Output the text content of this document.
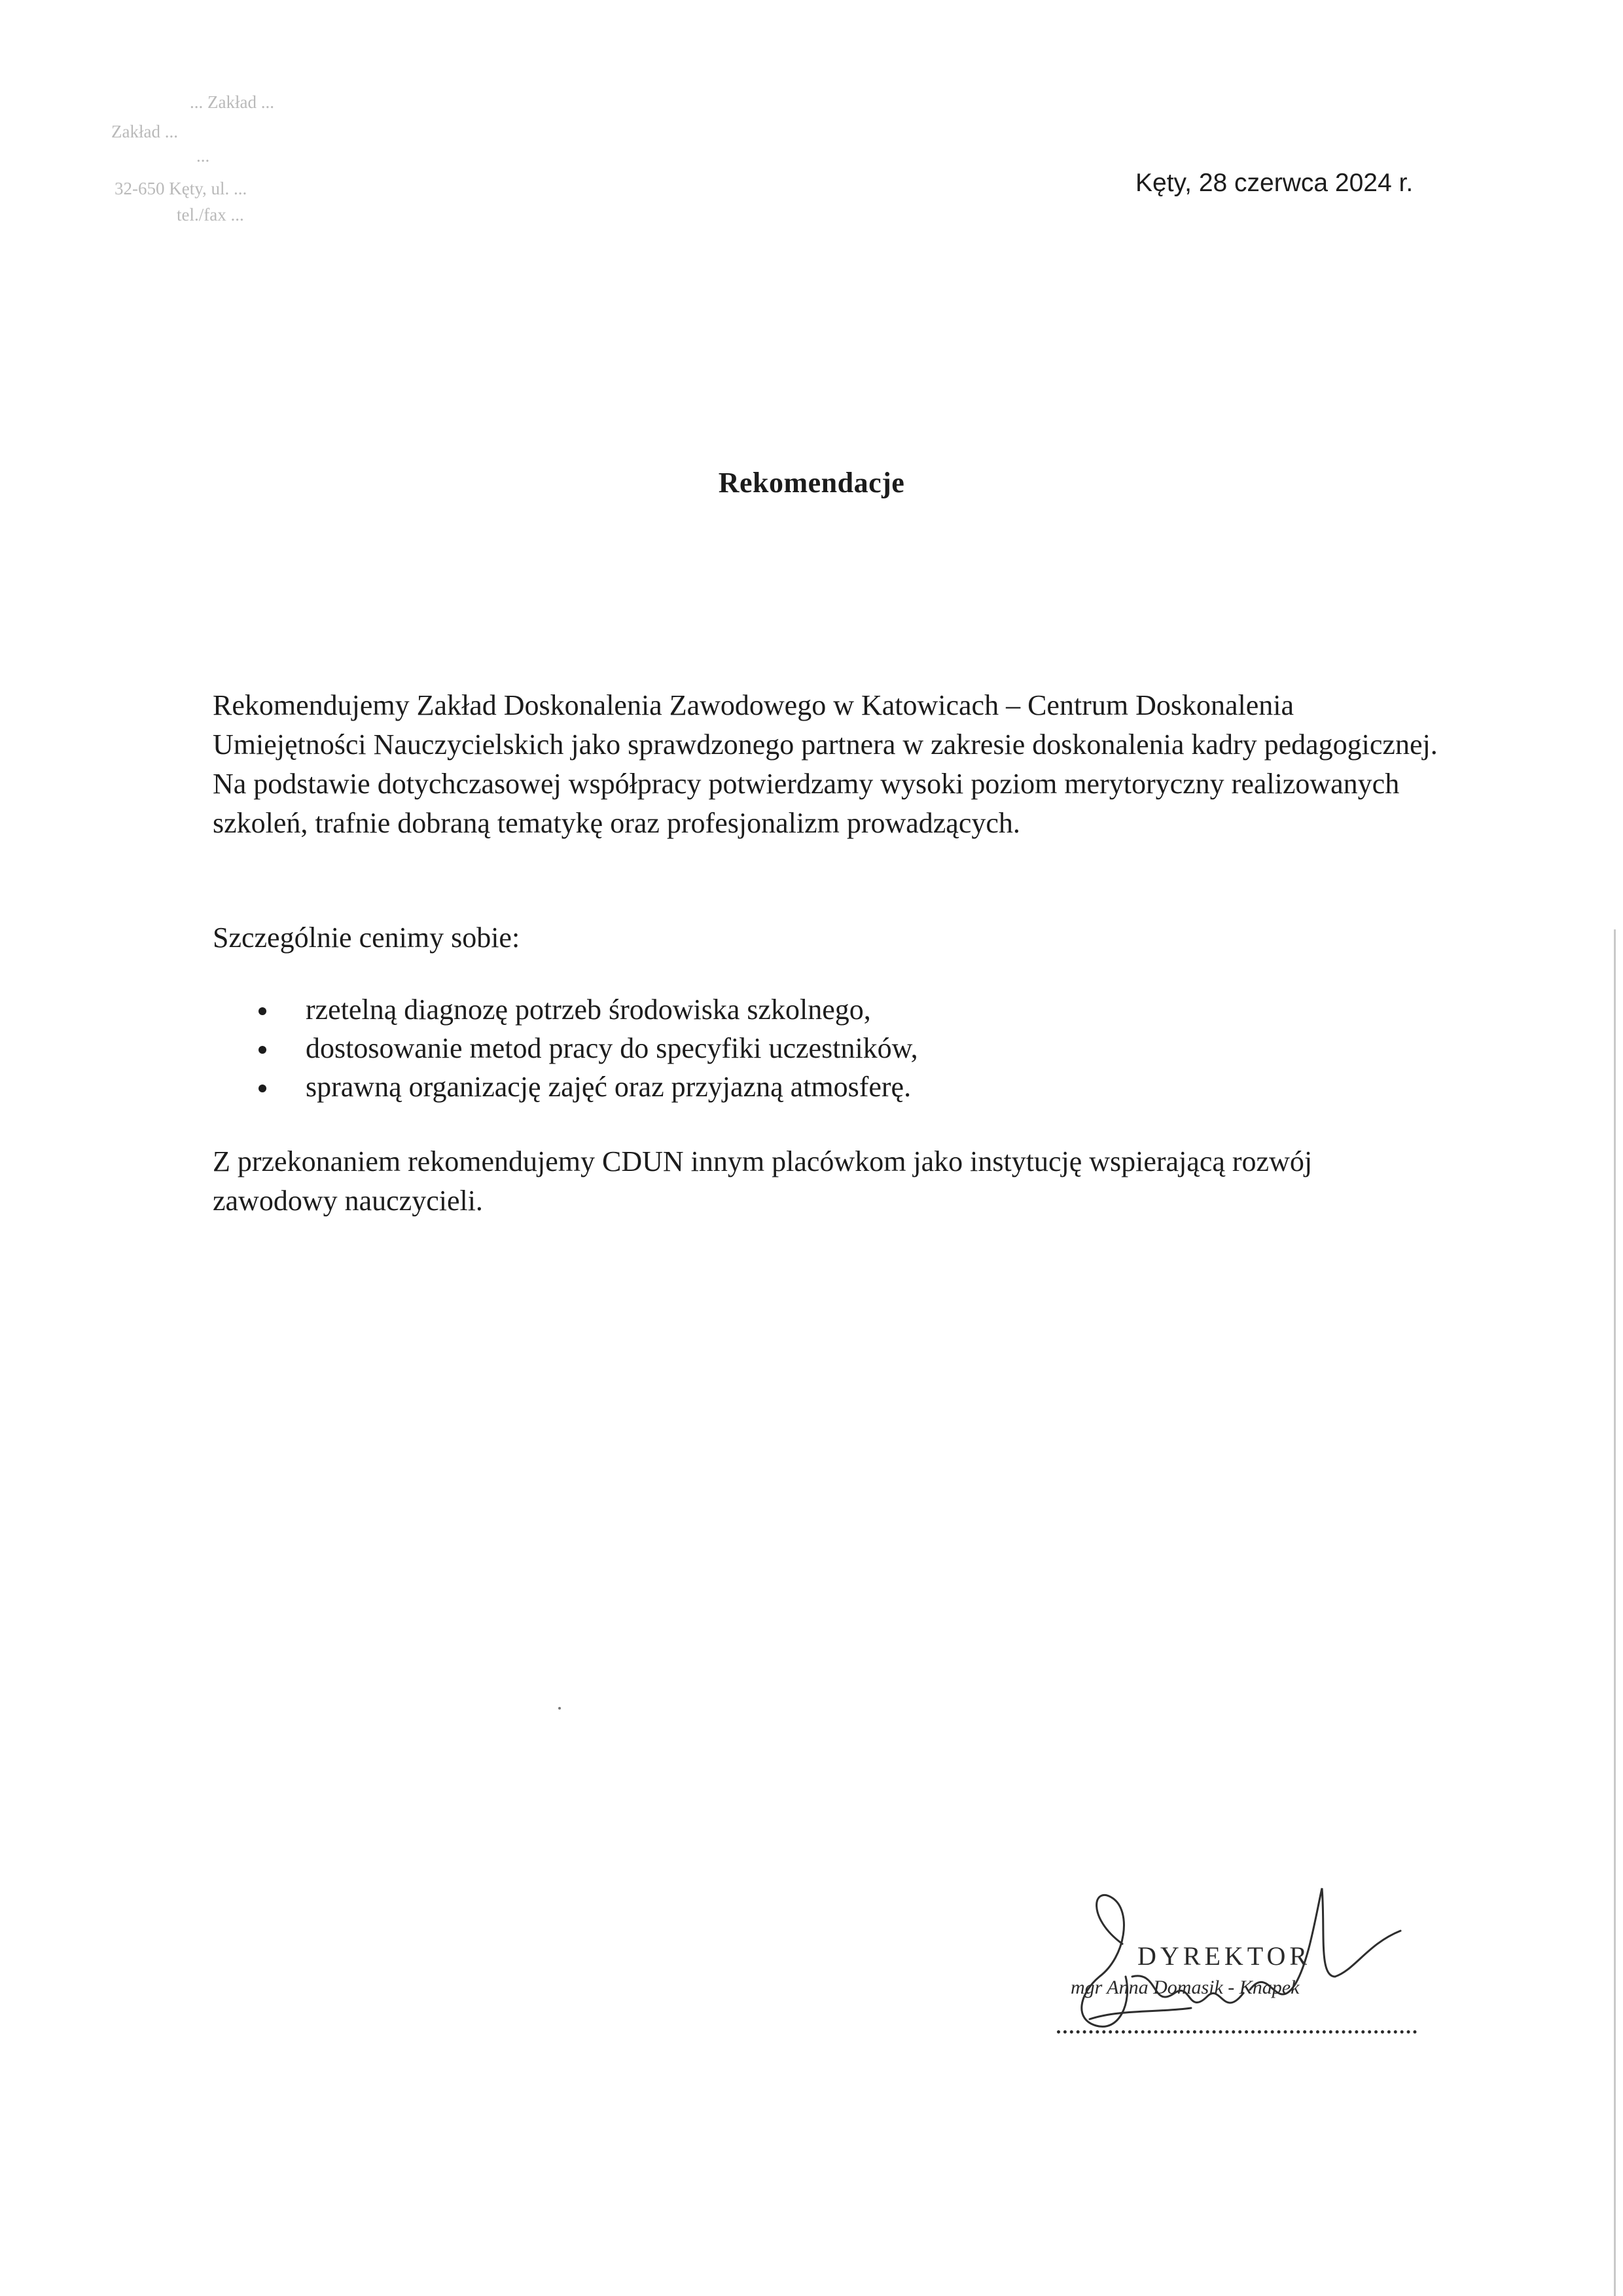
... Zakład ...
Zakład ...
...
32-650 Kęty, ul. ...
tel./fax ...
Kęty, 28 czerwca 2024 r.
Rekomendacje

Rekomendujemy Zakład Doskonalenia Zawodowego w Katowicach – Centrum Doskonalenia Umiejętności Nauczycielskich jako sprawdzonego partnera w zakresie doskonalenia kadry pedagogicznej. Na podstawie dotychczasowej współpracy potwierdzamy wysoki poziom merytoryczny realizowanych szkoleń, trafnie dobraną tematykę oraz profesjonalizm prowadzących.

Szczególnie cenimy sobie:

rzetelną diagnozę potrzeb środowiska szkolnego,
dostosowanie metod pracy do specyfiki uczestników,
sprawną organizację zajęć oraz przyjazną atmosferę.

Z przekonaniem rekomendujemy CDUN innym placówkom jako instytucję wspierającą rozwój zawodowy nauczycieli.

DYREKTOR
mgr Anna Domasik - Knapek
